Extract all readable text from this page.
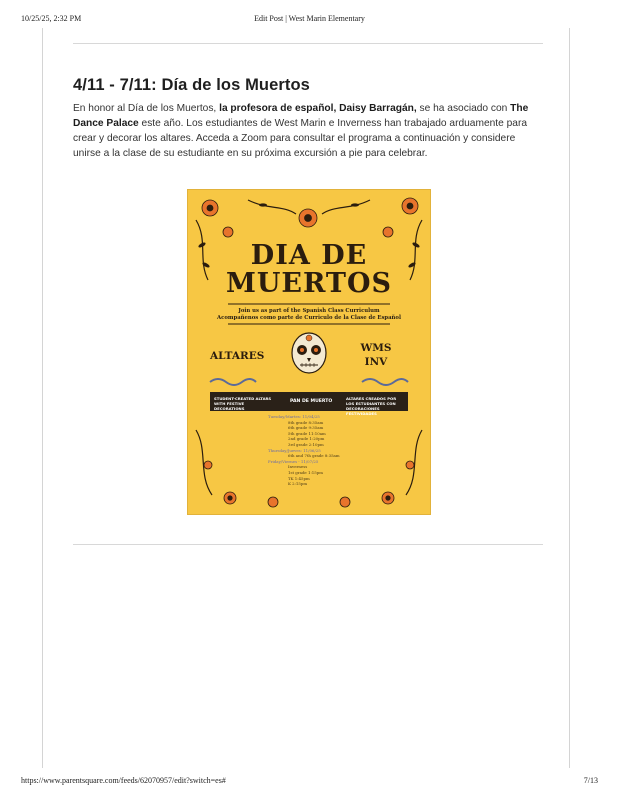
10/25/25, 2:32 PM	Edit Post | West Marin Elementary
4/11 - 7/11: Día de los Muertos

En honor al Día de los Muertos, la profesora de español, Daisy Barragán, se ha asociado con The Dance Palace este año. Los estudiantes de West Marin e Inverness han trabajado arduamente para crear y decorar los altares. Acceda a Zoom para consultar el programa a continuación y considere unirse a la clase de su estudiante en su próxima excursión a pie para celebrar.

DIA DE
MUERTOS
Join us as part of the Spanish Class Curriculum
Acompañenos como parte de Curriculo de la Clase de Español
ALTARES
WMS
INV
STUDENT-CREATED ALTARS WITH FESTIVE DECORATIONS
PAN DE MUERTO
ALTARES CREADOS POR LOS ESTUDIANTES CON DECORACIONES FESTIVIDADES
Tuesday/Martes: 11/04/25
8th grade 8:35am
6th grade 9:35am
5th grade 11:10am
2nd grade 1:20pm
3rd grade 2:10pm
Thursday/Jueves: 11/06/25
6th and 7th grade 8:35am
Friday/Viernes - 11/07/25
Inverness
1st grade 1:15pm
TK 1:45pm
K 2:15pm
https://www.parentsquare.com/feeds/62070957/edit?switch=es#	7/13
